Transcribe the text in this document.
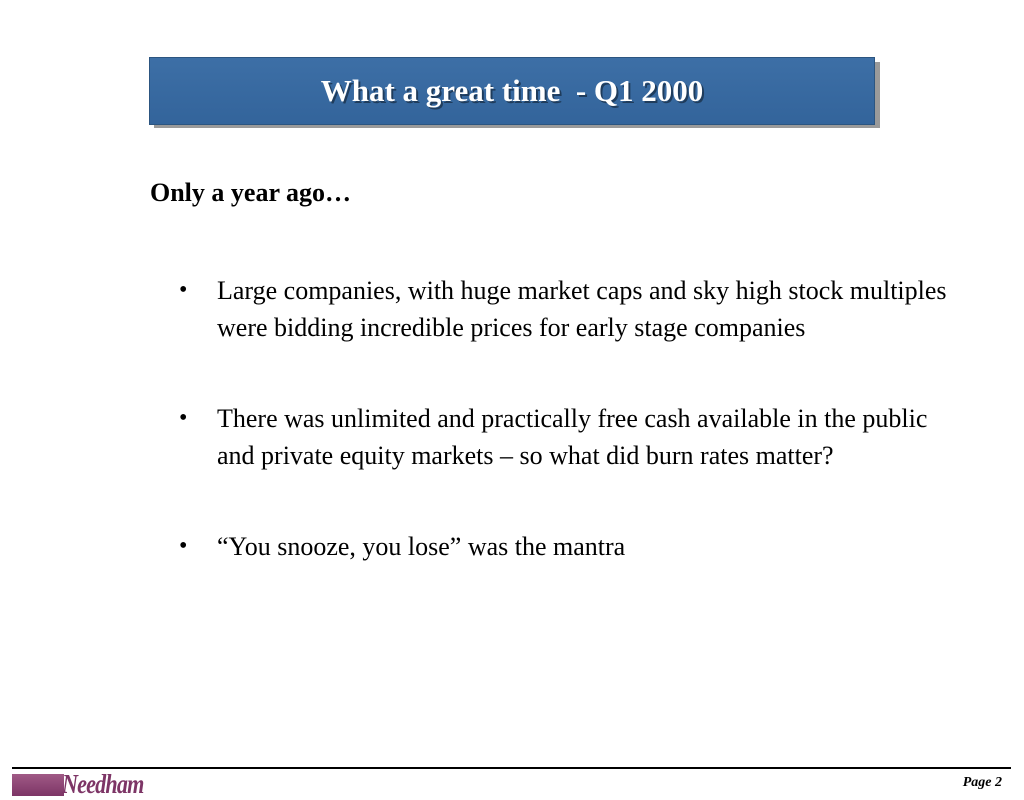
What a great time  - Q1 2000
Only a year ago…
• Large companies, with huge market caps and sky high stock multiples were bidding incredible prices for early stage companies
• There was unlimited and practically free cash available in the public and private equity markets – so what did burn rates matter?
• “You snooze, you lose” was the mantra
Needham	Page 2
